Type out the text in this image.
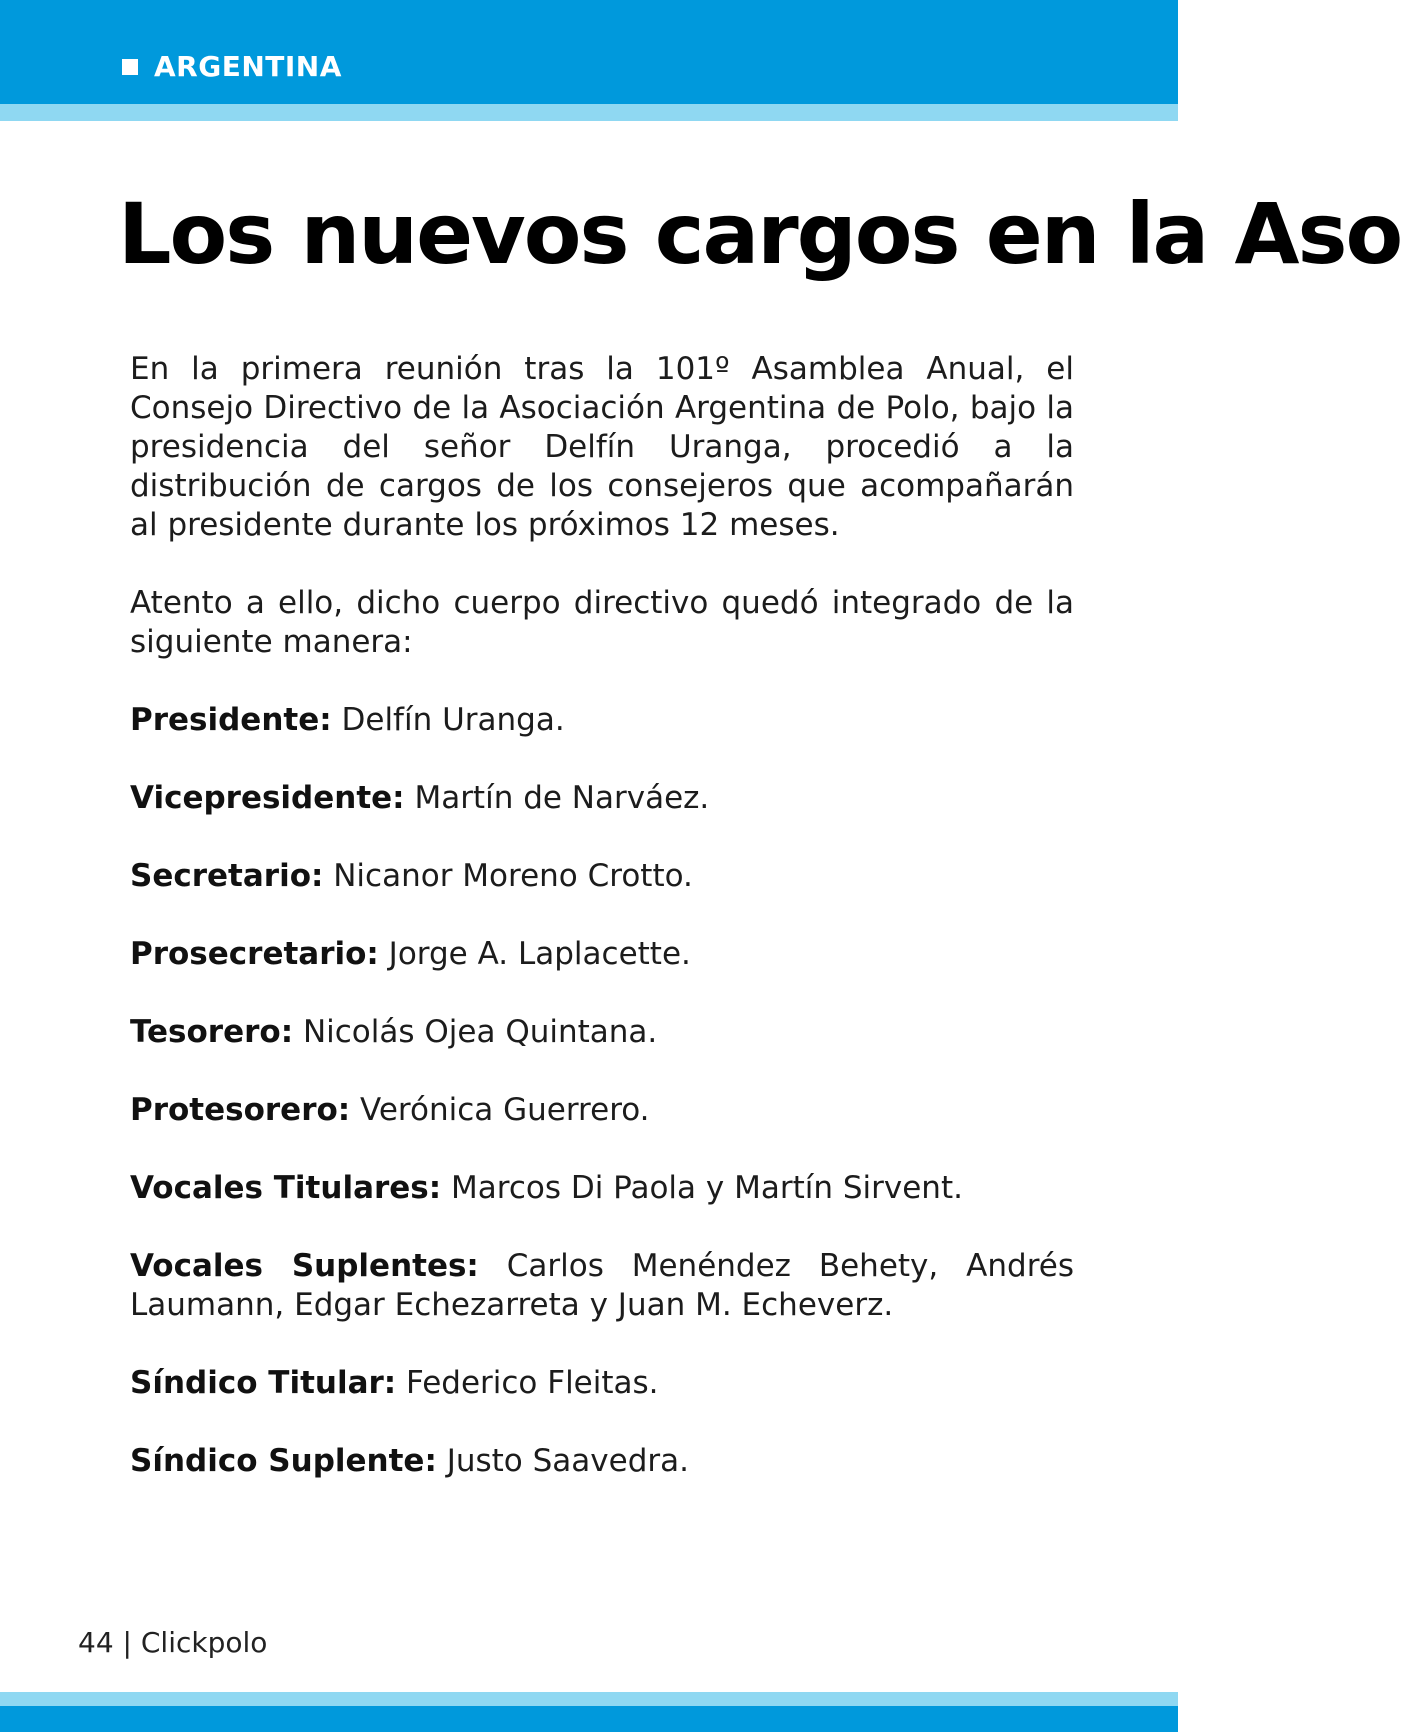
ARGENTINA
Los nuevos cargos en la Aso

En la primera reunión tras la 101º Asamblea Anual, el Consejo Directivo de la Asociación Argentina de Polo, bajo la presidencia del señor Delfín Uranga, procedió a la distribución de cargos de los consejeros que acompañarán al presidente durante los próximos 12 meses.

Atento a ello, dicho cuerpo directivo quedó integrado de la siguiente manera:

Presidente: Delfín Uranga.

Vicepresidente: Martín de Narváez.

Secretario: Nicanor Moreno Crotto.

Prosecretario: Jorge A. Laplacette.

Tesorero: Nicolás Ojea Quintana.

Protesorero: Verónica Guerrero.

Vocales Titulares: Marcos Di Paola y Martín Sirvent.

Vocales Suplentes: Carlos Menéndez Behety, Andrés Laumann, Edgar Echezarreta y Juan M. Echeverz.

Síndico Titular: Federico Fleitas.

Síndico Suplente: Justo Saavedra.

44 | Clickpolo
